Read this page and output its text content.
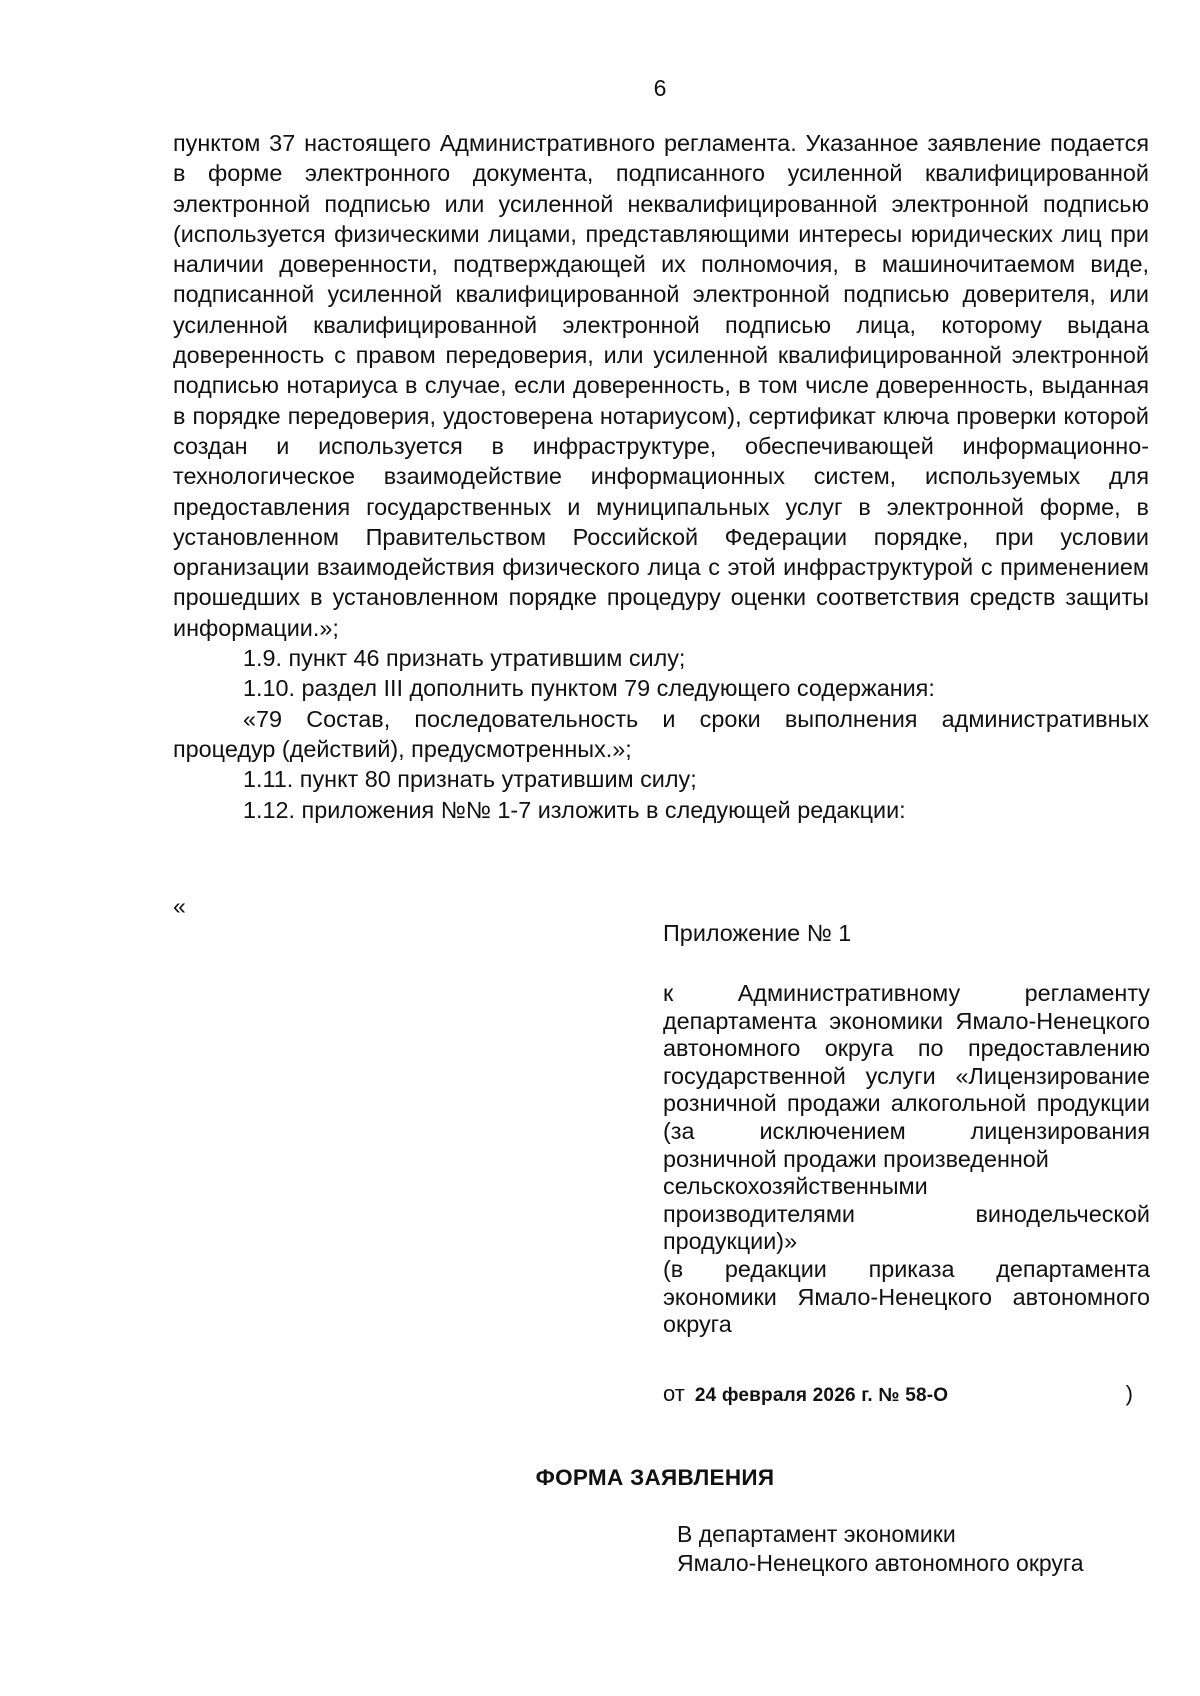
6

пунктом 37 настоящего Административного регламента. Указанное заявление подается в форме электронного документа, подписанного усиленной квалифицированной электронной подписью или усиленной неквалифицированной электронной подписью (используется физическими лицами, представляющими интересы юридических лиц при наличии доверенности, подтверждающей их полномочия, в машиночитаемом виде, подписанной усиленной квалифицированной электронной подписью доверителя, или усиленной квалифицированной электронной подписью лица, которому выдана доверенность с правом передоверия, или усиленной квалифицированной электронной подписью нотариуса в случае, если доверенность, в том числе доверенность, выданная в порядке передоверия, удостоверена нотариусом), сертификат ключа проверки которой создан и используется в инфраструктуре, обеспечивающей информационно-технологическое взаимодействие информационных систем, используемых для предоставления государственных и муниципальных услуг в электронной форме, в установленном Правительством Российской Федерации порядке, при условии организации взаимодействия физического лица с этой инфраструктурой с применением прошедших в установленном порядке процедуру оценки соответствия средств защиты информации.»;

1.9. пункт 46 признать утратившим силу;

1.10. раздел III дополнить пунктом 79 следующего содержания:

«79 Состав, последовательность и сроки выполнения административных процедур (действий), предусмотренных.»;

1.11. пункт 80 признать утратившим силу;

1.12. приложения №№ 1-7 изложить в следующей редакции:

«
Приложение № 1

к Административному регламенту департамента экономики Ямало-Ненецкого автономного округа по предоставлению государственной услуги «Лицензирование розничной продажи алкогольной продукции (за исключением лицензирования розничной продажи произведенной

сельскохозяйственными

производителями винодельческой продукции)»

(в редакции приказа департамента экономики Ямало-Ненецкого автономного округа

от 24 февраля 2026 г. № 58-О	)
ФОРМА ЗАЯВЛЕНИЯ
В департамент экономики
Ямало-Ненецкого автономного округа
